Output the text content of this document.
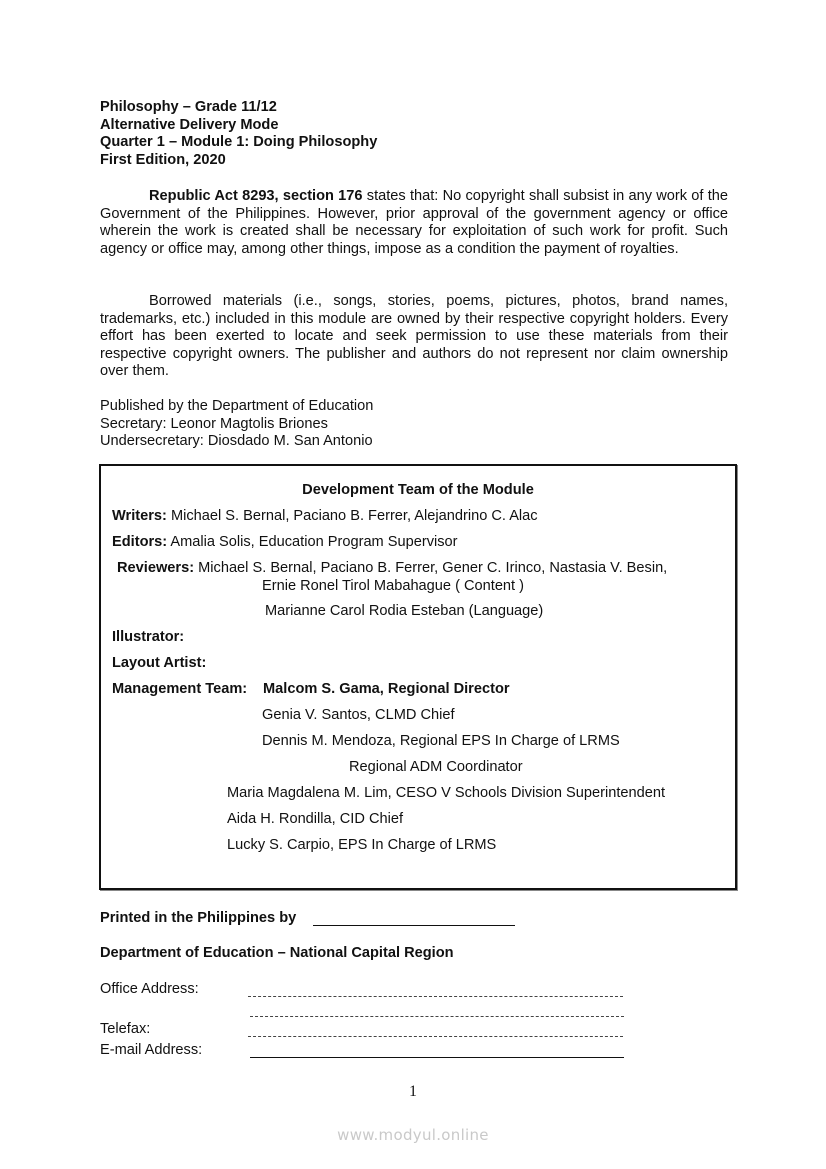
Philosophy – Grade 11/12
Alternative Delivery Mode
Quarter 1 – Module 1: Doing Philosophy
First Edition, 2020
Republic Act 8293, section 176 states that: No copyright shall subsist in any work of the Government of the Philippines. However, prior approval of the government agency or office wherein the work is created shall be necessary for exploitation of such work for profit. Such agency or office may, among other things, impose as a condition the payment of royalties.
Borrowed materials (i.e., songs, stories, poems, pictures, photos, brand names, trademarks, etc.) included in this module are owned by their respective copyright holders. Every effort has been exerted to locate and seek permission to use these materials from their respective copyright owners. The publisher and authors do not represent nor claim ownership over them.
Published by the Department of Education
Secretary: Leonor Magtolis Briones
Undersecretary: Diosdado M. San Antonio
Development Team of the Module
Writers: Michael S. Bernal, Paciano B. Ferrer, Alejandrino C. Alac
Editors: Amalia Solis, Education Program Supervisor
Reviewers: Michael S. Bernal, Paciano B. Ferrer, Gener C. Irinco, Nastasia V. Besin,
Ernie Ronel Tirol Mabahague ( Content )
Marianne Carol Rodia Esteban (Language)
Illustrator:
Layout Artist:
Management Team: Malcom S. Gama, Regional Director
Genia V. Santos, CLMD Chief
Dennis M. Mendoza, Regional EPS In Charge of LRMS
Regional ADM Coordinator
Maria Magdalena M. Lim, CESO V Schools Division Superintendent
Aida H. Rondilla, CID Chief
Lucky S. Carpio, EPS In Charge of LRMS
Printed in the Philippines by
Department of Education – National Capital Region
Office Address:
Telefax:
E-mail Address:
1
www.modyul.online
